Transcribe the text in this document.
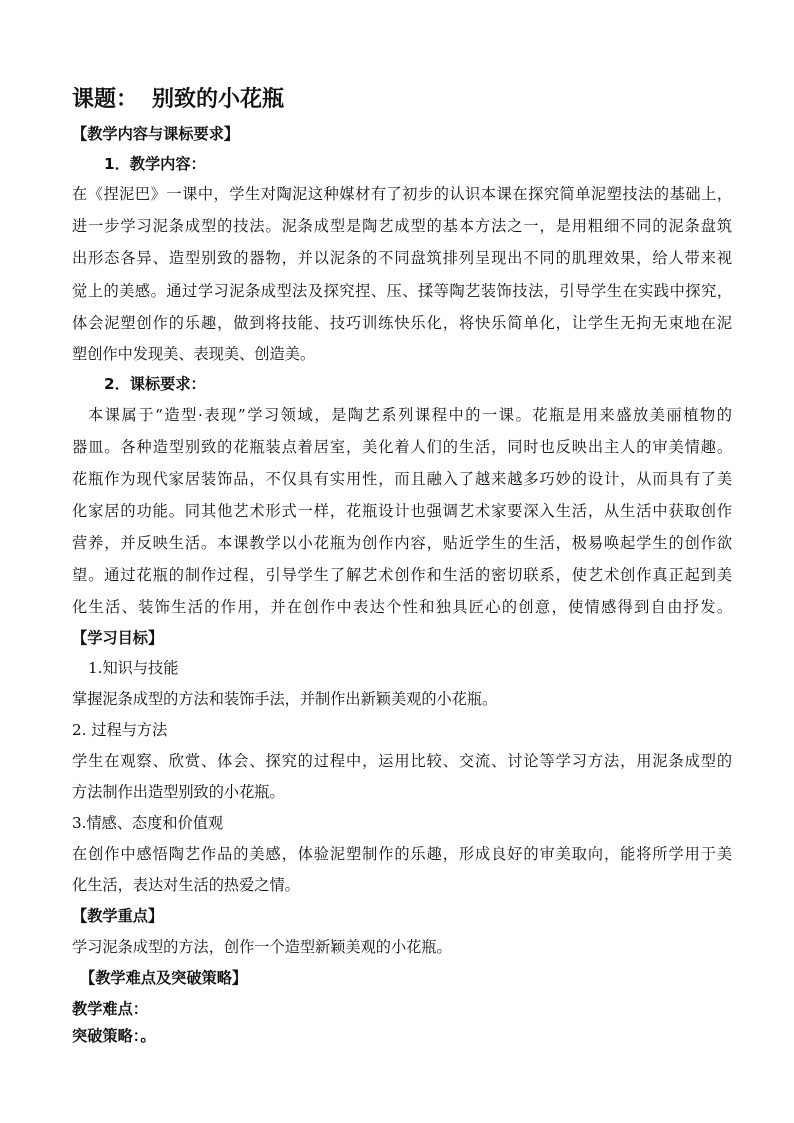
课题： 别致的小花瓶
【教学内容与课标要求】
1．教学内容：
在《捏泥巴》一课中，学生对陶泥这种媒材有了初步的认识本课在探究简单泥塑技法的基础上，
进一步学习泥条成型的技法。泥条成型是陶艺成型的基本方法之一，是用粗细不同的泥条盘筑
出形态各异、造型别致的器物，并以泥条的不同盘筑排列呈现出不同的肌理效果，给人带来视
觉上的美感。通过学习泥条成型法及探究捏、压、揉等陶艺装饰技法，引导学生在实践中探究，
体会泥塑创作的乐趣，做到将技能、技巧训练快乐化，将快乐简单化，让学生无拘无束地在泥
塑创作中发现美、表现美、创造美。
2．课标要求：
本课属于“造型·表现”学习领域，是陶艺系列课程中的一课。花瓶是用来盛放美丽植物的
器皿。各种造型别致的花瓶装点着居室，美化着人们的生活，同时也反映出主人的审美情趣。
花瓶作为现代家居装饰品，不仅具有实用性，而且融入了越来越多巧妙的设计，从而具有了美
化家居的功能。同其他艺术形式一样，花瓶设计也强调艺术家要深入生活，从生活中获取创作
营养，并反映生活。本课教学以小花瓶为创作内容，贴近学生的生活，极易唤起学生的创作欲
望。通过花瓶的制作过程，引导学生了解艺术创作和生活的密切联系，使艺术创作真正起到美
化生活、装饰生活的作用，并在创作中表达个性和独具匠心的创意，使情感得到自由抒发。
【学习目标】
1.知识与技能
掌握泥条成型的方法和装饰手法，并制作出新颖美观的小花瓶。
2. 过程与方法
学生在观察、欣赏、体会、探究的过程中，运用比较、交流、讨论等学习方法，用泥条成型的
方法制作出造型别致的小花瓶。
3.情感、态度和价值观
在创作中感悟陶艺作品的美感，体验泥塑制作的乐趣，形成良好的审美取向，能将所学用于美
化生活，表达对生活的热爱之情。
【教学重点】
学习泥条成型的方法，创作一个造型新颖美观的小花瓶。
【教学难点及突破策略】
教学难点：
突破策略：。
